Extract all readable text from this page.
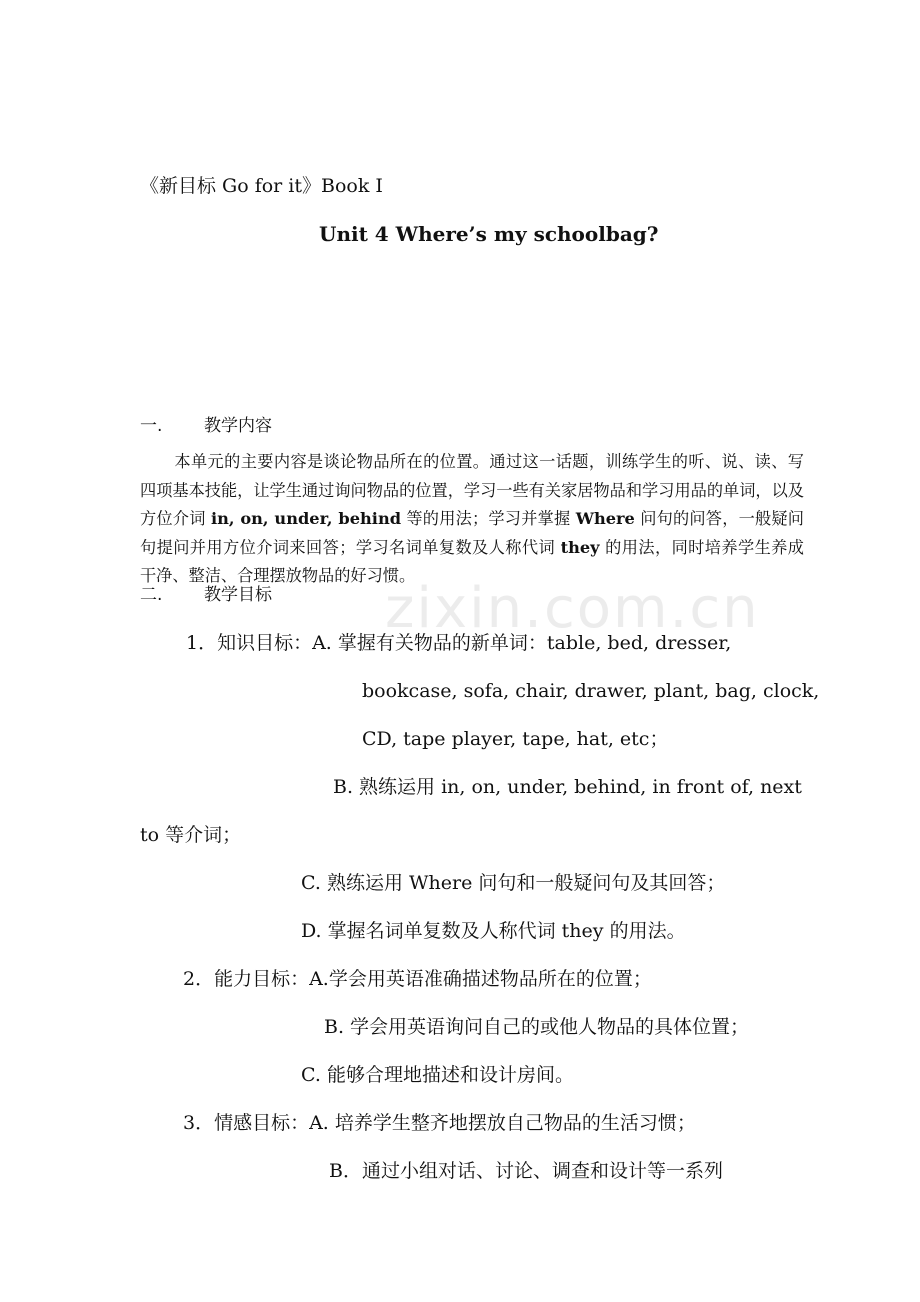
zixin.com.cn
《新目标 Go for it》Book Ⅰ
Unit 4 Where’s my schoolbag?
一. 教学内容
本单元的主要内容是谈论物品所在的位置。通过这一话题，训练学生的听、说、读、写四项基本技能，让学生通过询问物品的位置，学习一些有关家居物品和学习用品的单词，以及方位介词 in, on, under, behind 等的用法；学习并掌握 Where 问句的问答，一般疑问句提问并用方位介词来回答；学习名词单复数及人称代词 they 的用法，同时培养学生养成干净、整洁、合理摆放物品的好习惯。
二. 教学目标
1．知识目标：A. 掌握有关物品的新单词：table, bed, dresser,
bookcase, sofa, chair, drawer, plant, bag, clock,
CD, tape player, tape, hat, etc；
B. 熟练运用 in, on, under, behind, in front of, next
to 等介词；
C. 熟练运用 Where 问句和一般疑问句及其回答；
D. 掌握名词单复数及人称代词 they 的用法。
2．能力目标：A.学会用英语准确描述物品所在的位置；
B. 学会用英语询问自己的或他人物品的具体位置；
C. 能够合理地描述和设计房间。
3．情感目标：A. 培养学生整齐地摆放自己物品的生活习惯；
B．通过小组对话、讨论、调查和设计等一系列
